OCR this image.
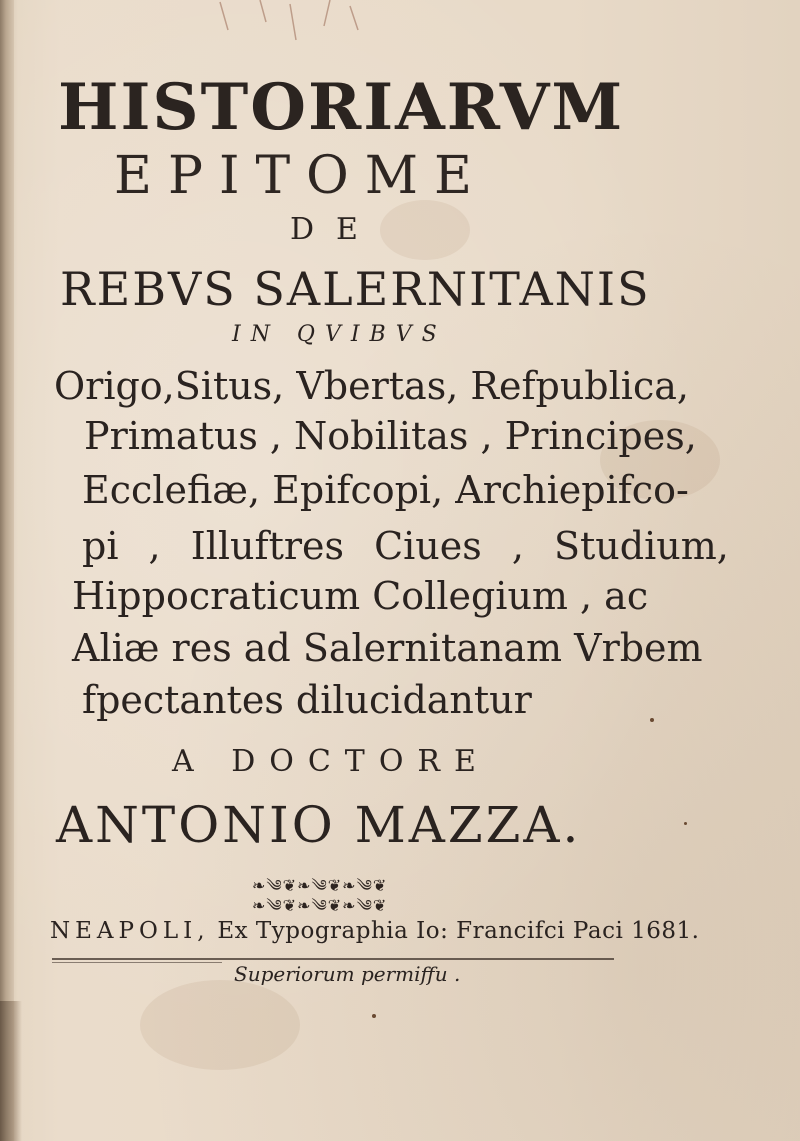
HISTORIARVM
EPITOME
DE
REBVS SALERNITANIS
IN QVIBVS
Origo,Situs, Vbertas, Refpublica,
Primatus , Nobilitas , Principes,
Ecclefiæ, Epifcopi, Archiepifco-
pi , Illuftres Ciues , Studium,
Hippocraticum Collegium , ac
Aliæ res ad Salernitanam Vrbem
fpectantes dilucidantur
A DOCTORE
ANTONIO MAZZA.
❧༄❦❧༄❦❧༄❦
❧༄❦❧༄❦❧༄❦
NEAPOLI, Ex Typographia Io: Francifci Paci 1681.
Superiorum permiffu .
